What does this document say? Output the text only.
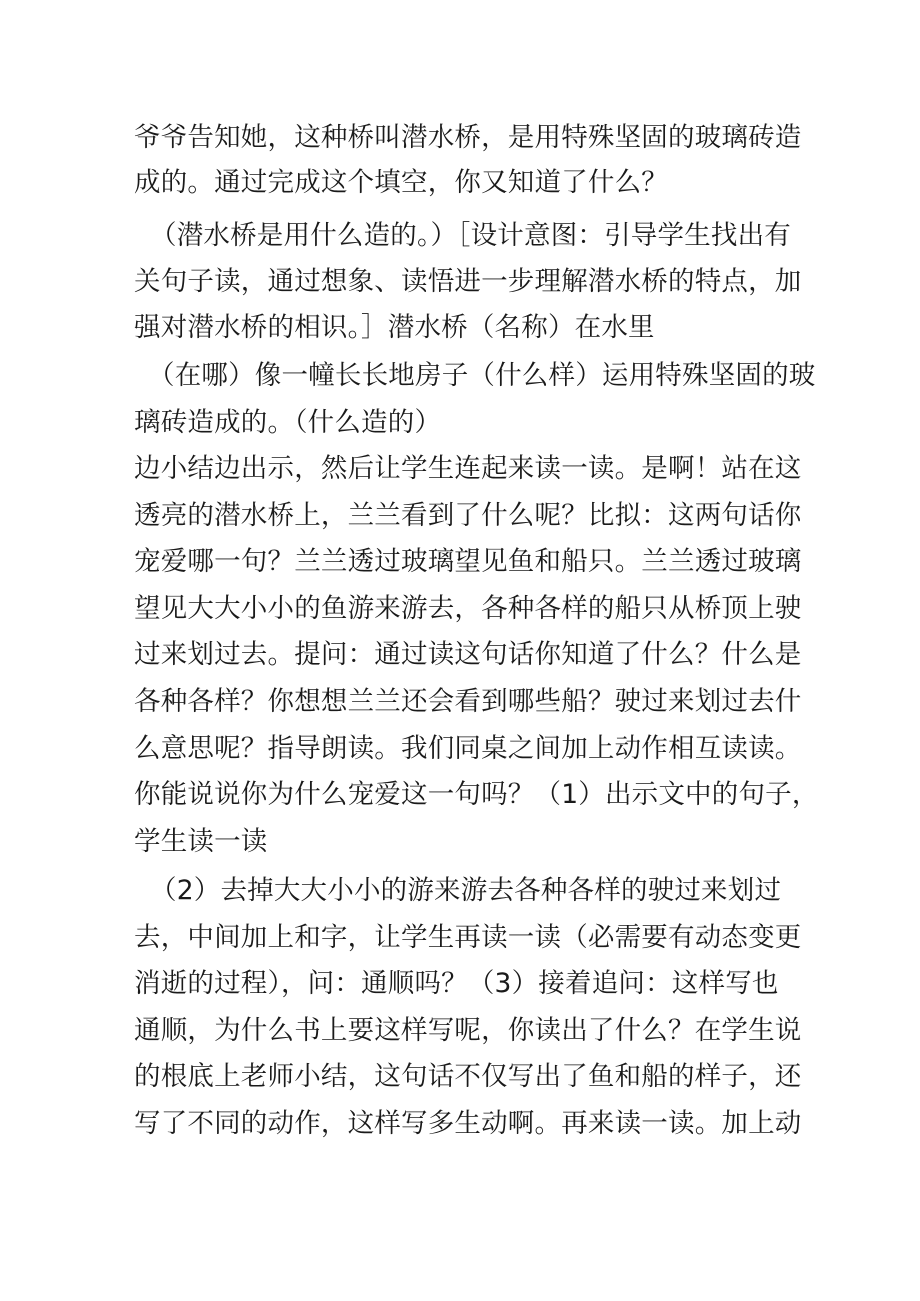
爷爷告知她，这种桥叫潜水桥，是用特殊坚固的玻璃砖造
成的。通过完成这个填空，你又知道了什么？
（潜水桥是用什么造的。）［设计意图：引导学生找出有
关句子读，通过想象、读悟进一步理解潜水桥的特点，加
强对潜水桥的相识。］潜水桥（名称）在水里
（在哪）像一幢长长地房子（什么样）运用特殊坚固的玻
璃砖造成的。（什么造的）
边小结边出示，然后让学生连起来读一读。是啊！站在这
透亮的潜水桥上，兰兰看到了什么呢？比拟：这两句话你
宠爱哪一句？兰兰透过玻璃望见鱼和船只。兰兰透过玻璃
望见大大小小的鱼游来游去，各种各样的船只从桥顶上驶
过来划过去。提问：通过读这句话你知道了什么？什么是
各种各样？你想想兰兰还会看到哪些船？驶过来划过去什
么意思呢？指导朗读。我们同桌之间加上动作相互读读。
你能说说你为什么宠爱这一句吗？（1）出示文中的句子，
学生读一读
（2）去掉大大小小的游来游去各种各样的驶过来划过
去，中间加上和字，让学生再读一读（必需要有动态变更
消逝的过程），问：通顺吗？（3）接着追问：这样写也
通顺，为什么书上要这样写呢，你读出了什么？在学生说
的根底上老师小结，这句话不仅写出了鱼和船的样子，还
写了不同的动作，这样写多生动啊。再来读一读。加上动
